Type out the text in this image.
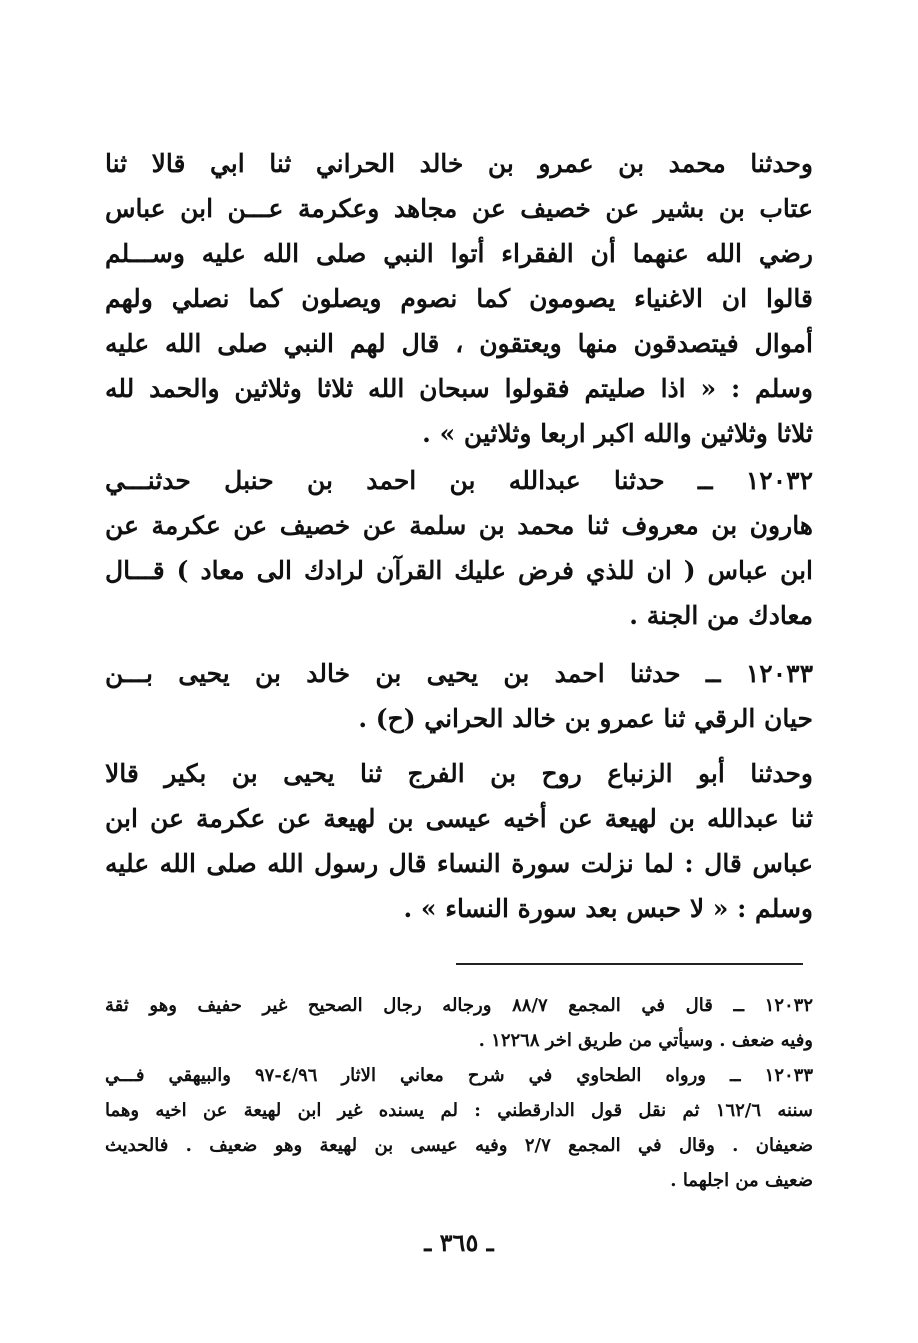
وحدثنا محمد بن عمرو بن خالد الحراني ثنا ابي قالا ثنا
عتاب بن بشير عن خصيف عن مجاهد وعكرمة عـــن ابن عباس
رضي الله عنهما أن الفقراء أتوا النبي صلى الله عليه وســـلم
قالوا ان الاغنياء يصومون كما نصوم ويصلون كما نصلي ولهم
أموال فيتصدقون منها ويعتقون ، قال لهم النبي صلى الله عليه
وسلم : « اذا صليتم فقولوا سبحان الله ثلاثا وثلاثين والحمد لله
ثلاثا وثلاثين والله اكبر اربعا وثلاثين » .
١٢٠٣٢ ــ حدثنا عبدالله بن احمد بن حنبل حدثنـــي
هارون بن معروف ثنا محمد بن سلمة عن خصيف عن عكرمة عن
ابن عباس ( ان للذي فرض عليك القرآن لرادك الى معاد ) قـــال
معادك من الجنة .
١٢٠٣٣ ــ حدثنا احمد بن يحيى بن خالد بن يحيى بـــن
حيان الرقي ثنا عمرو بن خالد الحراني (ح) .
وحدثنا أبو الزنباع روح بن الفرج ثنا يحيى بن بكير قالا
ثنا عبدالله بن لهيعة عن أخيه عيسى بن لهيعة عن عكرمة عن ابن
عباس قال : لما نزلت سورة النساء قال رسول الله صلى الله عليه
وسلم : « لا حبس بعد سورة النساء » .
١٢٠٣٢ ــ قال في المجمع ٨٨/٧ ورجاله رجال الصحيح غير حفيف وهو ثقة
وفيه ضعف . وسيأتي من طريق اخر ١٢٢٦٨ .
١٢٠٣٣ ــ ورواه الطحاوي في شرح معاني الاثار ٤/٩٦-٩٧ والبيهقي فـــي
سننه ١٦٢/٦ ثم نقل قول الدارقطني : لم يسنده غير ابن لهيعة عن اخيه وهما
ضعيفان . وقال في المجمع ٢/٧ وفيه عيسى بن لهيعة وهو ضعيف . فالحديث
ضعيف من اجلهما .
ـ ٣٦٥ ـ
